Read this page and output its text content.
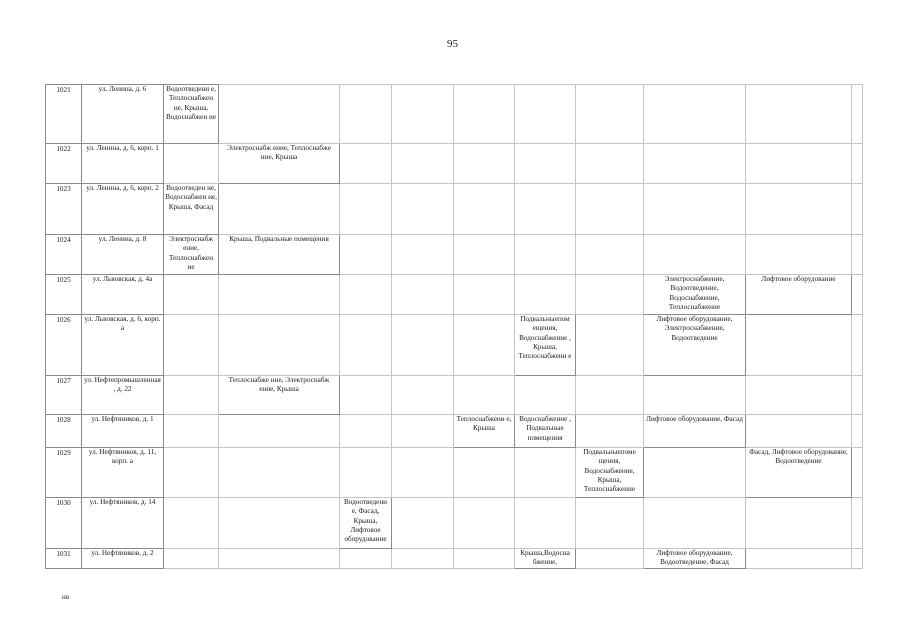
95
1021	ул. Ленина, д. 6	Водоотведени е, Теплоснабжен ие, Крыша, Водоснабжен ие									
1022	ул. Ленина, д. 6, корп. 1		Электроснабж ение, Теплоснабже ние, Крыша								
1023	ул. Ленина, д. 6, корп. 2	Водоотведен ие, Водоснабжен ие, Крыша, Фасад									
1024	ул. Ленина, д. 8	Электроснабж ение, Теплоснабжен ие	Крыша, Подвальные помещения								
1025	ул. Львовская, д. 4а								Электроснабжение, Водоотведение, Водоснабжение, Теплоснабжение	Лифтовое оборудование	
1026	ул. Львовская, д. 6, корп. а						Подвальныепом ещения, Водоснабжение , Крыша, Теплоснабжени е		Лифтовое оборудование, Электроснабжение, Водоотведение		
1027	ул. Нефтепромышленная , д. 22		Теплоснабже ние, Электроснабж ение, Крыша								
1028	ул. Нефтяников, д. 1					Теплоснабжени е, Крыша	Водоснабжение , Подвальные помещения		Лифтовое оборудование, Фасад		
1029	ул. Нефтяников, д. 11, корп. а							Подвальныепоме щения, Водоснабжение, Крыша, Теплоснабжение		Фасад, Лифтовое оборудование, Водоотведение	
1030	ул. Нефтяников, д. 14			Водоотведени е, Фасад, Крыша, Лифтовое оборудование							
1031	ул. Нефтяников, д. 2						Крыша,Водосна бжение,		Лифтовое оборудование, Водоотведение, Фасад		
нв
